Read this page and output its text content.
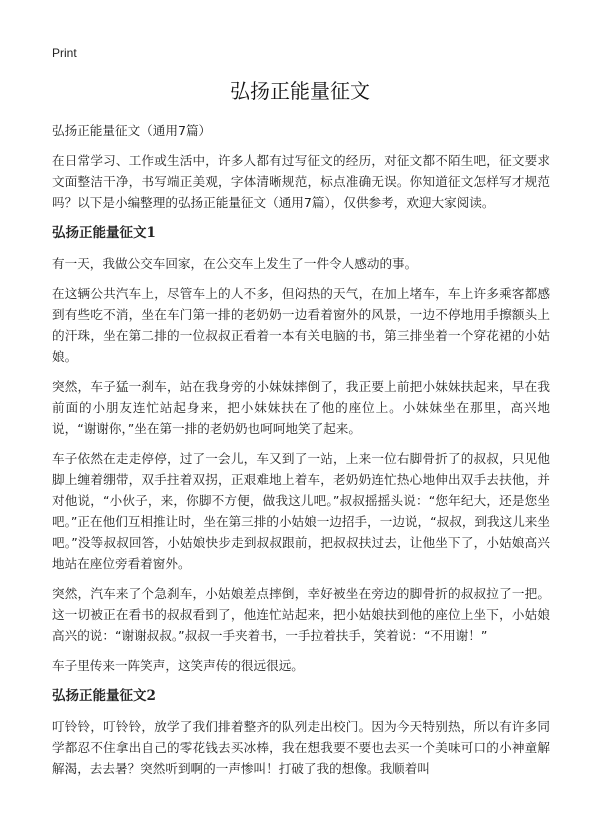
Print
弘扬正能量征文

弘扬正能量征文（通用7篇）

在日常学习、工作或生活中，许多人都有过写征文的经历，对征文都不陌生吧，征文要求文面整洁干净，书写端正美观，字体清晰规范，标点准确无误。你知道征文怎样写才规范吗？以下是小编整理的弘扬正能量征文（通用7篇），仅供参考，欢迎大家阅读。

弘扬正能量征文1

有一天，我做公交车回家，在公交车上发生了一件令人感动的事。

在这辆公共汽车上，尽管车上的人不多，但闷热的天气，在加上堵车，车上许多乘客都感到有些吃不消，坐在车门第一排的老奶奶一边看着窗外的风景，一边不停地用手擦额头上的汗珠，坐在第二排的一位叔叔正看着一本有关电脑的书，第三排坐着一个穿花裙的小姑娘。

突然，车子猛一刹车，站在我身旁的小妹妹摔倒了，我正要上前把小妹妹扶起来，早在我前面的小朋友连忙站起身来，把小妹妹扶在了他的座位上。小妹妹坐在那里，高兴地说，“谢谢你，”坐在第一排的老奶奶也呵呵地笑了起来。

车子依然在走走停停，过了一会儿，车又到了一站，上来一位右脚骨折了的叔叔，只见他脚上缠着绷带，双手拄着双拐，正艰难地上着车，老奶奶连忙热心地伸出双手去扶他，并对他说，“小伙子，来，你脚不方便，做我这儿吧。”叔叔摇摇头说：“您年纪大，还是您坐吧。”正在他们互相推让时，坐在第三排的小姑娘一边招手，一边说，“叔叔，到我这儿来坐吧。”没等叔叔回答，小姑娘快步走到叔叔跟前，把叔叔扶过去，让他坐下了，小姑娘高兴地站在座位旁看着窗外。

突然，汽车来了个急刹车，小姑娘差点摔倒，幸好被坐在旁边的脚骨折的叔叔拉了一把。这一切被正在看书的叔叔看到了，他连忙站起来，把小姑娘扶到他的座位上坐下，小姑娘高兴的说：“谢谢叔叔。”叔叔一手夹着书，一手拉着扶手，笑着说：“不用谢！”

车子里传来一阵笑声，这笑声传的很远很远。

弘扬正能量征文2

叮铃铃，叮铃铃，放学了我们排着整齐的队列走出校门。因为今天特别热，所以有许多同学都忍不住拿出自己的零花钱去买冰棒，我在想我要不要也去买一个美味可口的小神童解解渴，去去暑？突然听到啊的一声惨叫！打破了我的想像。我顺着叫
